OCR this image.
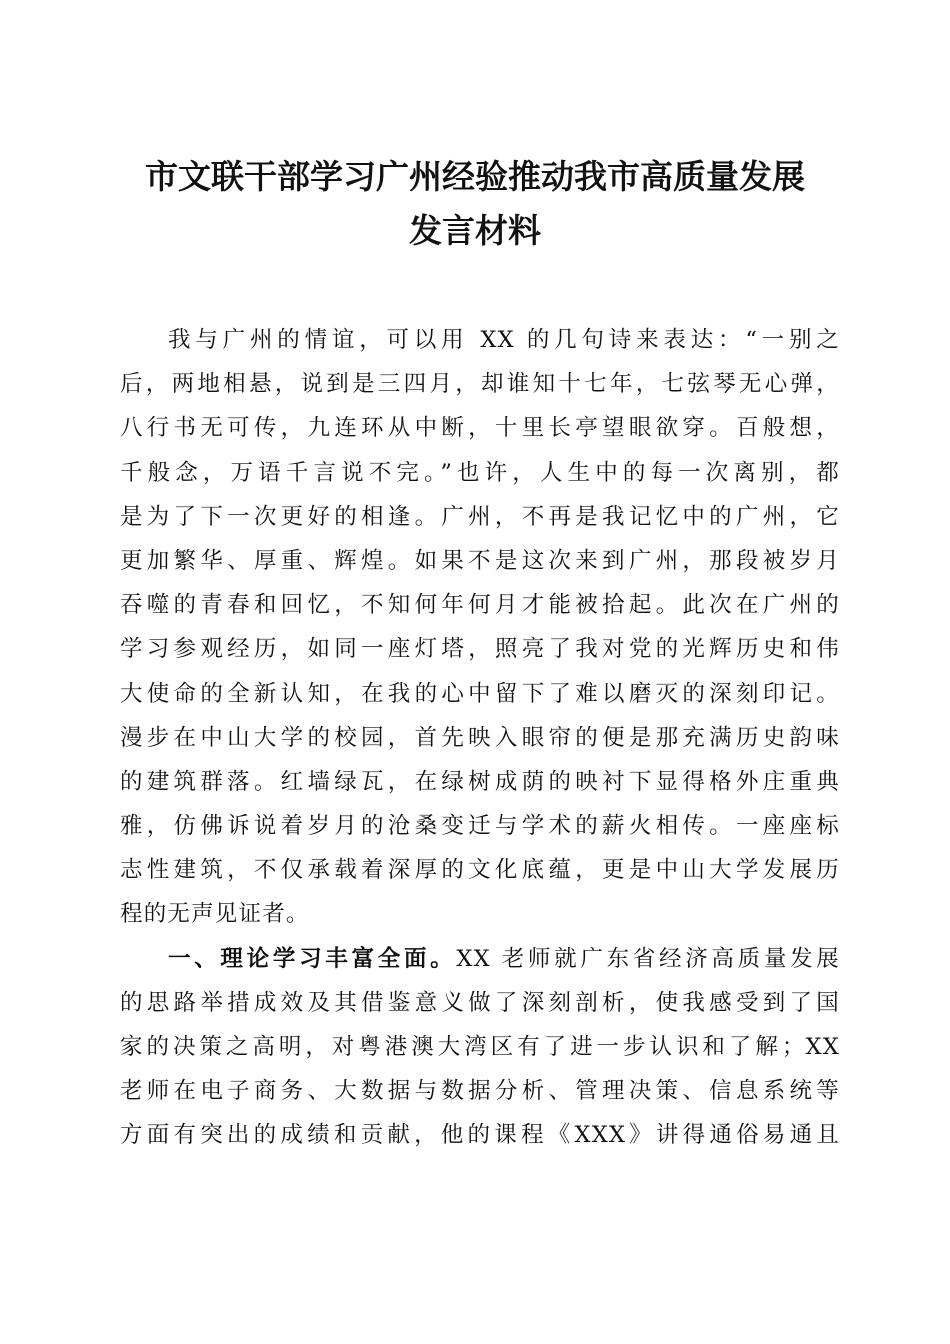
市文联干部学习广州经验推动我市高质量发展
发言材料
我与广州的情谊，可以用 XX 的几句诗来表达：“一别之
后，两地相悬，说到是三四月，却谁知十七年，七弦琴无心弹，
八行书无可传，九连环从中断，十里长亭望眼欲穿。百般想，
千般念，万语千言说不完。”也许，人生中的每一次离别，都
是为了下一次更好的相逢。广州，不再是我记忆中的广州，它
更加繁华、厚重、辉煌。如果不是这次来到广州，那段被岁月
吞噬的青春和回忆，不知何年何月才能被拾起。此次在广州的
学习参观经历，如同一座灯塔，照亮了我对党的光辉历史和伟
大使命的全新认知，在我的心中留下了难以磨灭的深刻印记。
漫步在中山大学的校园，首先映入眼帘的便是那充满历史韵味
的建筑群落。红墙绿瓦，在绿树成荫的映衬下显得格外庄重典
雅，仿佛诉说着岁月的沧桑变迁与学术的薪火相传。一座座标
志性建筑，不仅承载着深厚的文化底蕴，更是中山大学发展历
程的无声见证者。
一、理论学习丰富全面。XX 老师就广东省经济高质量发展
的思路举措成效及其借鉴意义做了深刻剖析，使我感受到了国
家的决策之高明，对粤港澳大湾区有了进一步认识和了解；XX
老师在电子商务、大数据与数据分析、管理决策、信息系统等
方面有突出的成绩和贡献，他的课程《XXX》讲得通俗易通且
